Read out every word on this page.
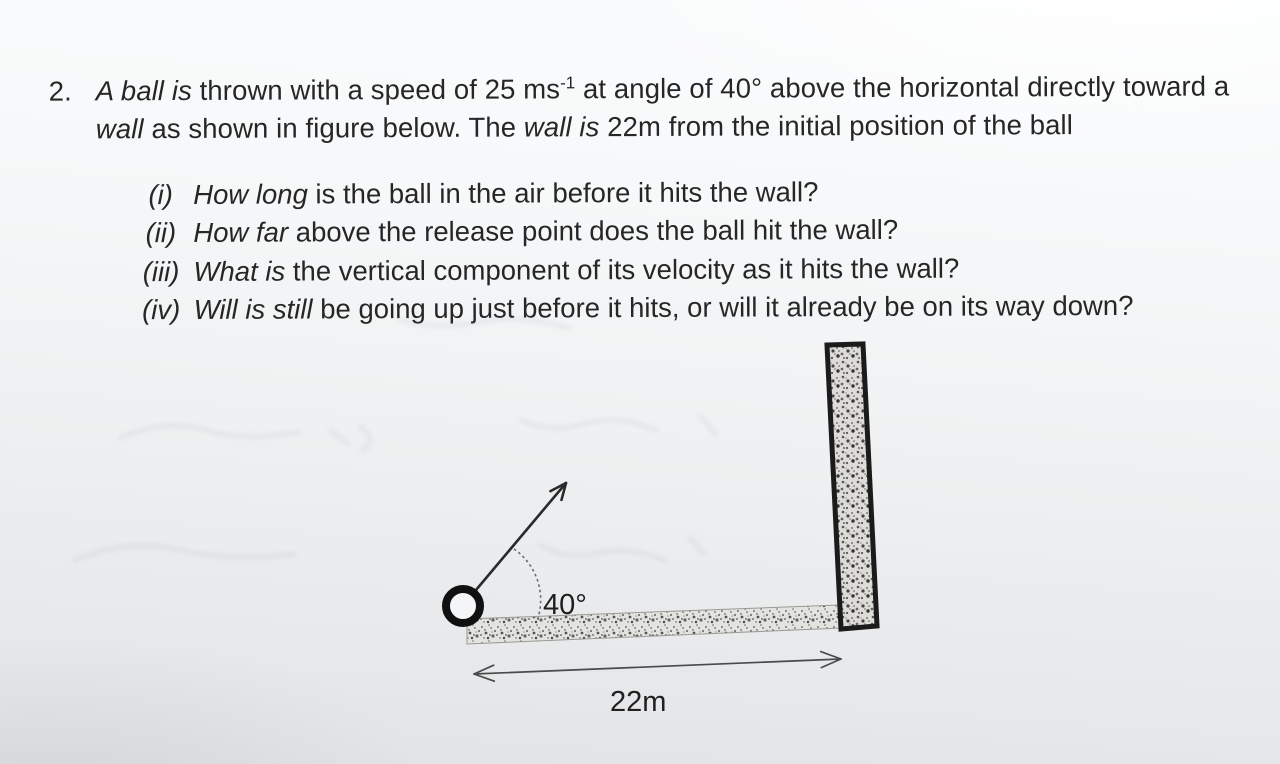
2. A ball is thrown with a speed of 25 $ms^{-1}$ at angle of 40° above the horizontal directly toward a
wall as shown in figure below. The wall is 22m from the initial position of the ball
(i) How long is the ball in the air before it hits the wall?
(ii) How far above the release point does the ball hit the wall?
(iii) What is the vertical component of its velocity as it hits the wall?
(iv) Will is still be going up just before it hits, or will it already be on its way down?
40°
22m
